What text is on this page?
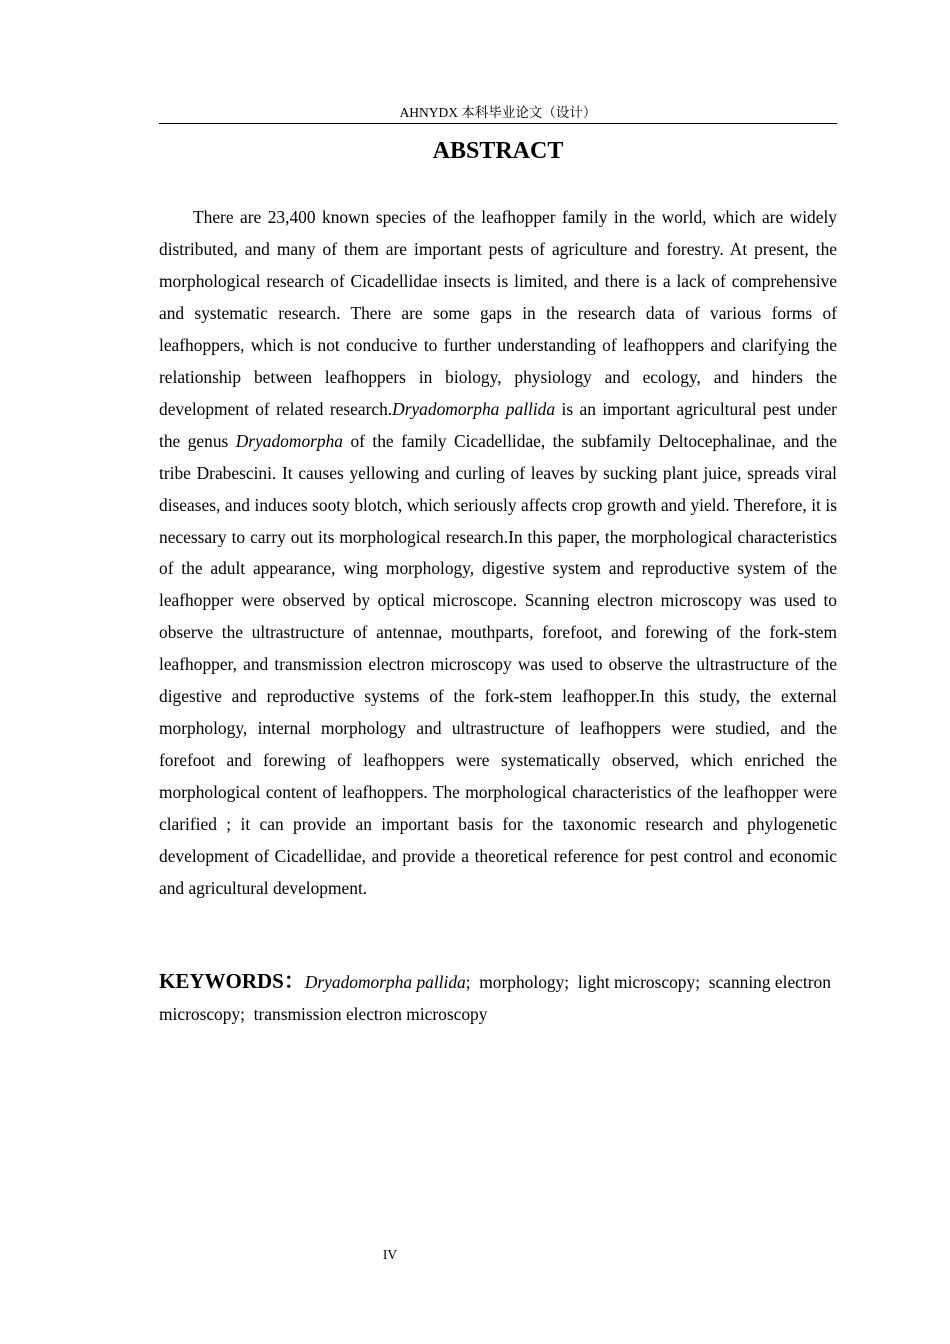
AHNYDX 本科毕业论文（设计）
ABSTRACT

There are 23,400 known species of the leafhopper family in the world, which are widely distributed, and many of them are important pests of agriculture and forestry. At present, the morphological research of Cicadellidae insects is limited, and there is a lack of comprehensive and systematic research. There are some gaps in the research data of various forms of leafhoppers, which is not conducive to further understanding of leafhoppers and clarifying the relationship between leafhoppers in biology, physiology and ecology, and hinders the development of related research.Dryadomorpha pallida is an important agricultural pest under the genus Dryadomorpha of the family Cicadellidae, the subfamily Deltocephalinae, and the tribe Drabescini. It causes yellowing and curling of leaves by sucking plant juice, spreads viral diseases, and induces sooty blotch, which seriously affects crop growth and yield. Therefore, it is necessary to carry out its morphological research.In this paper, the morphological characteristics of the adult appearance, wing morphology, digestive system and reproductive system of the leafhopper were observed by optical microscope. Scanning electron microscopy was used to observe the ultrastructure of antennae, mouthparts, forefoot, and forewing of the fork-stem leafhopper, and transmission electron microscopy was used to observe the ultrastructure of the digestive and reproductive systems of the fork-stem leafhopper.In this study, the external morphology, internal morphology and ultrastructure of leafhoppers were studied, and the forefoot and forewing of leafhoppers were systematically observed, which enriched the morphological content of leafhoppers. The morphological characteristics of the leafhopper were clarified ; it can provide an important basis for the taxonomic research and phylogenetic development of Cicadellidae, and provide a theoretical reference for pest control and economic and agricultural development.

KEYWORDS：Dryadomorpha pallida;  morphology;  light microscopy;  scanning electron microscopy;  transmission electron microscopy

IV
